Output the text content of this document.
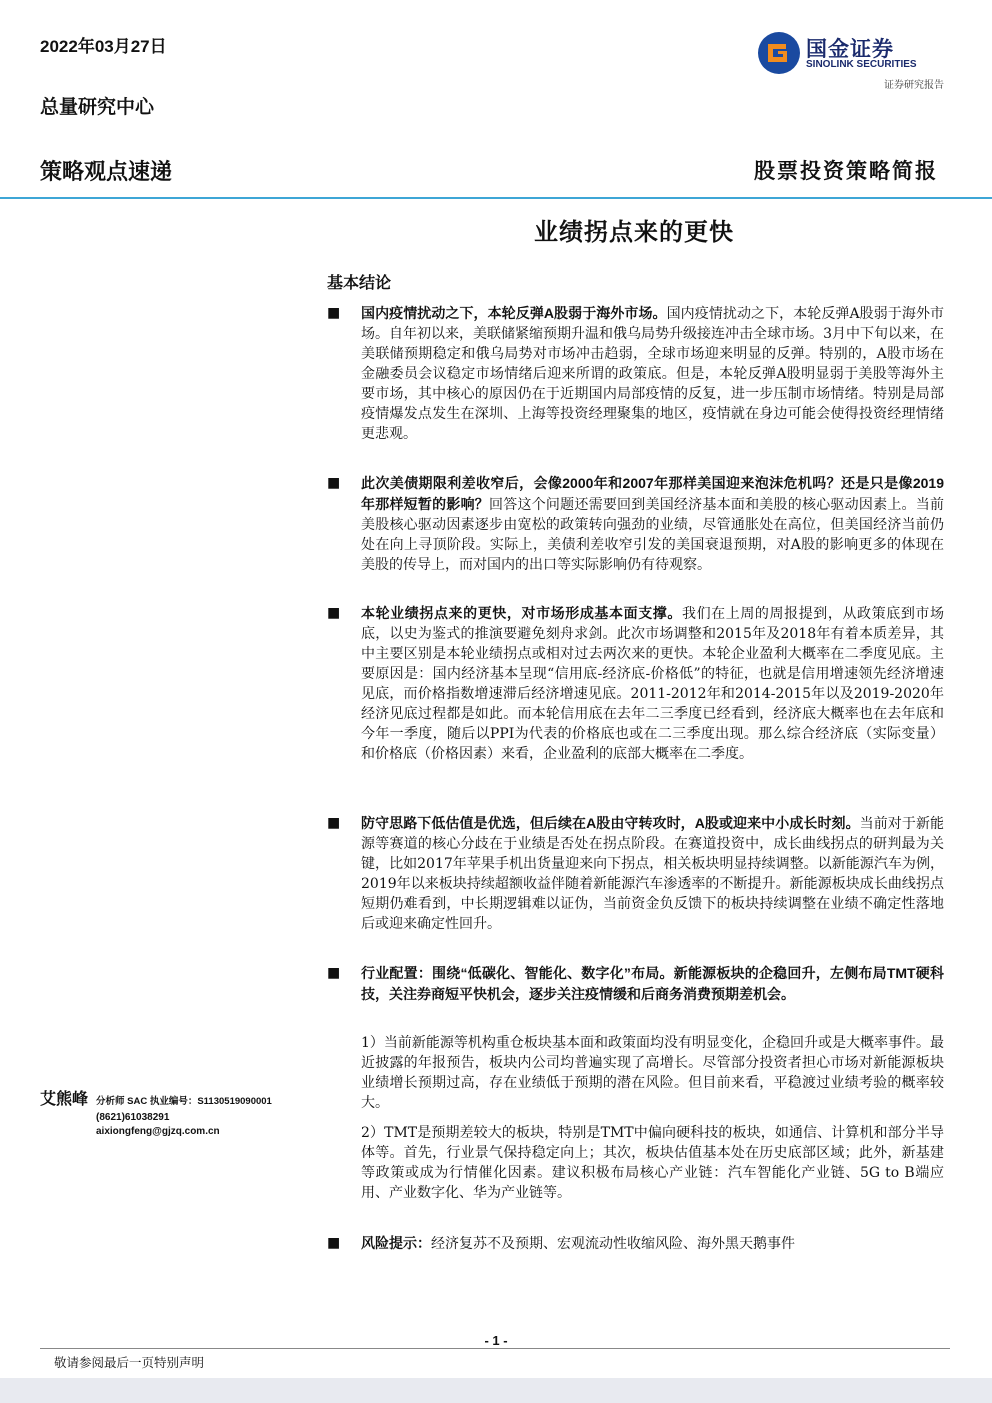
2022年03月27日
总量研究中心
国金证券
SINOLINK SECURITIES
证券研究报告
策略观点速递	股票投资策略简报
业绩拐点来的更快
基本结论
■ 国内疫情扰动之下，本轮反弹A股弱于海外市场。国内疫情扰动之下，本轮反弹A股弱于海外市场。自年初以来，美联储紧缩预期升温和俄乌局势升级接连冲击全球市场。3月中下旬以来，在美联储预期稳定和俄乌局势对市场冲击趋弱，全球市场迎来明显的反弹。特别的，A股市场在金融委员会议稳定市场情绪后迎来所谓的政策底。但是，本轮反弹A股明显弱于美股等海外主要市场，其中核心的原因仍在于近期国内局部疫情的反复，进一步压制市场情绪。特别是局部疫情爆发点发生在深圳、上海等投资经理聚集的地区，疫情就在身边可能会使得投资经理情绪更悲观。
■ 此次美债期限利差收窄后，会像2000年和2007年那样美国迎来泡沫危机吗？还是只是像2019年那样短暂的影响？回答这个问题还需要回到美国经济基本面和美股的核心驱动因素上。当前美股核心驱动因素逐步由宽松的政策转向强劲的业绩，尽管通胀处在高位，但美国经济当前仍处在向上寻顶阶段。实际上，美债利差收窄引发的美国衰退预期，对A股的影响更多的体现在美股的传导上，而对国内的出口等实际影响仍有待观察。
■ 本轮业绩拐点来的更快，对市场形成基本面支撑。我们在上周的周报提到，从政策底到市场底，以史为鉴式的推演要避免刻舟求剑。此次市场调整和2015年及2018年有着本质差异，其中主要区别是本轮业绩拐点或相对过去两次来的更快。本轮企业盈利大概率在二季度见底。主要原因是：国内经济基本呈现“信用底-经济底-价格低”的特征，也就是信用增速领先经济增速见底，而价格指数增速滞后经济增速见底。2011-2012年和2014-2015年以及2019-2020年经济见底过程都是如此。而本轮信用底在去年二三季度已经看到，经济底大概率也在去年底和今年一季度，随后以PPI为代表的价格底也或在二三季度出现。那么综合经济底（实际变量）和价格底（价格因素）来看，企业盈利的底部大概率在二季度。
■ 防守思路下低估值是优选，但后续在A股由守转攻时，A股或迎来中小成长时刻。当前对于新能源等赛道的核心分歧在于业绩是否处在拐点阶段。在赛道投资中，成长曲线拐点的研判最为关键，比如2017年苹果手机出货量迎来向下拐点，相关板块明显持续调整。以新能源汽车为例，2019年以来板块持续超额收益伴随着新能源汽车渗透率的不断提升。新能源板块成长曲线拐点短期仍难看到，中长期逻辑难以证伪，当前资金负反馈下的板块持续调整在业绩不确定性落地后或迎来确定性回升。
■ 行业配置：围绕“低碳化、智能化、数字化”布局。新能源板块的企稳回升，左侧布局TMT硬科技，关注券商短平快机会，逐步关注疫情缓和后商务消费预期差机会。
1）当前新能源等机构重仓板块基本面和政策面均没有明显变化，企稳回升或是大概率事件。最近披露的年报预告，板块内公司均普遍实现了高增长。尽管部分投资者担心市场对新能源板块业绩增长预期过高，存在业绩低于预期的潜在风险。但目前来看，平稳渡过业绩考验的概率较大。
2）TMT是预期差较大的板块，特别是TMT中偏向硬科技的板块，如通信、计算机和部分半导体等。首先，行业景气保持稳定向上；其次，板块估值基本处在历史底部区域；此外，新基建等政策或成为行情催化因素。建议积极布局核心产业链：汽车智能化产业链、5G to B端应用、产业数字化、华为产业链等。
■ 风险提示：经济复苏不及预期、宏观流动性收缩风险、海外黑天鹅事件
艾熊峰 分析师 SAC 执业编号：S1130519090001
(8621)61038291
aixiongfeng@gjzq.com.cn
- 1 -
敬请参阅最后一页特别声明
